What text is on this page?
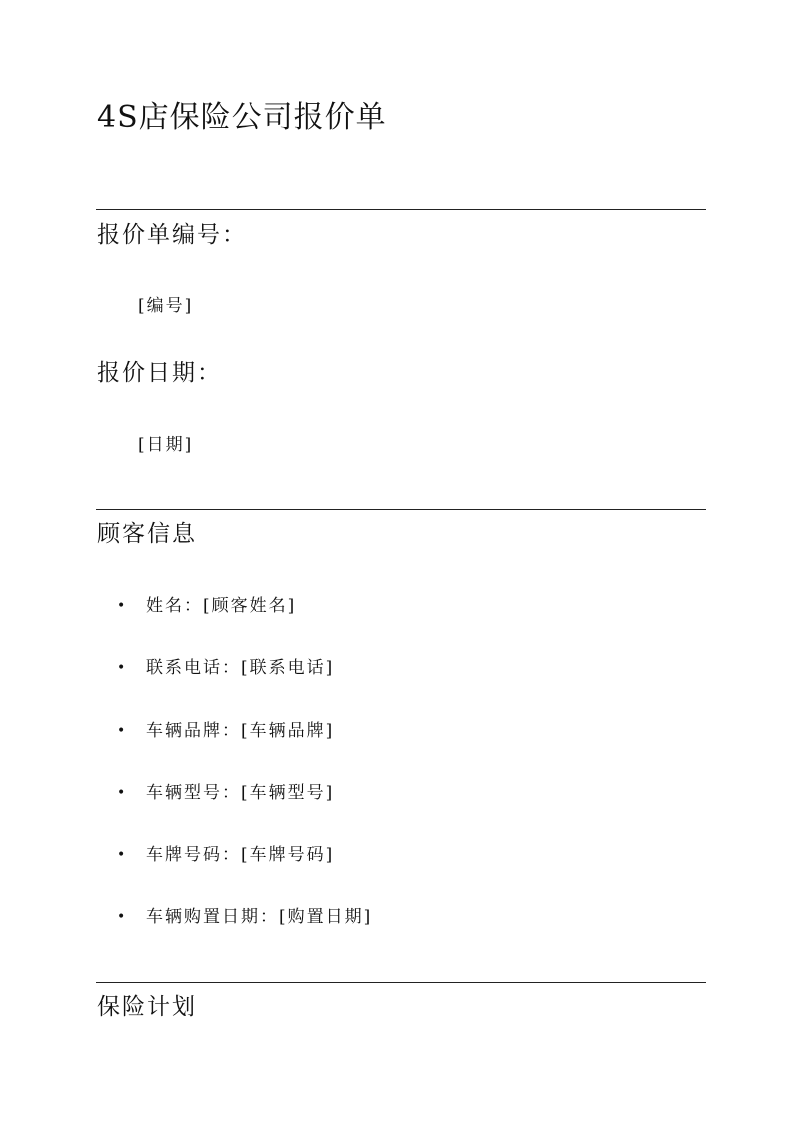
4S店保险公司报价单
报价单编号：

[编号]

报价日期：

[日期]

顾客信息
• 姓名：[顾客姓名]
• 联系电话：[联系电话]
• 车辆品牌：[车辆品牌]
• 车辆型号：[车辆型号]
• 车牌号码：[车牌号码]
• 车辆购置日期：[购置日期]
保险计划
